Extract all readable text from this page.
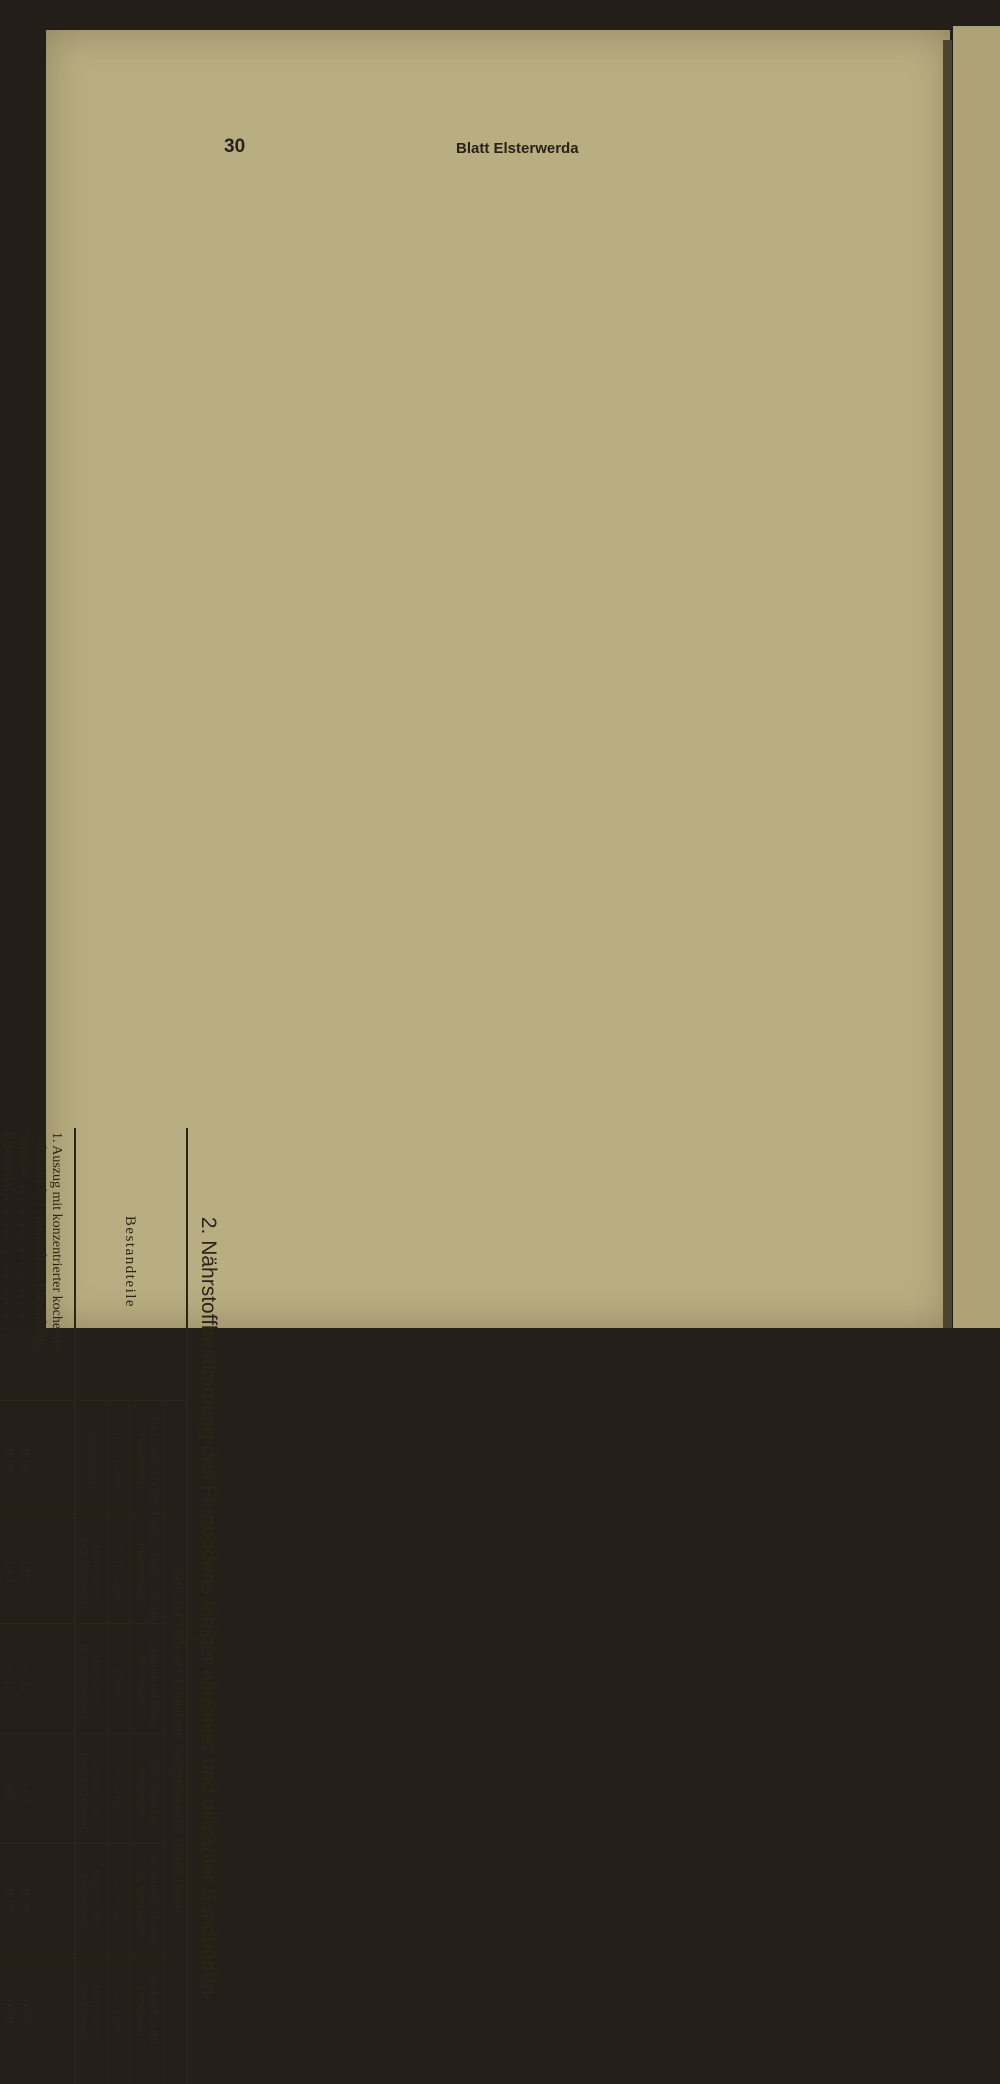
30	Blatt Elsterwerda
2. Nährstoffbestimmung des Feinbodens einiger alluvialer und diluvialer Sandböden
Ort und Tiefe der Entnahme. Geognostische Bezeichnung
Bestandteile
bei Elsterwerda (Bl. Elsterwerda)
südlich Elsterwerda (Bl. Elsterwerda)
Sandgrube bei Rolitz (Bl. Jessen)
Grube Berta (Bl. Kletitwitz)
westlich Rückersdorf (Bl. Oppelhain)
bei Lindena (Bl. Oppelhain)
0,5—1,5 dm
0—0,15 dm
20 dm
0—2 dm
2—3 dm
2—3 dm
Alluvialsand
Älterer diluv. Hochflächensand
Älterer diluv. Hochflächensand
Älterer diluv. Hochflächensand
Jüngerer diluv. Beckensand
Älterer diluv. Beckensand
1. Auszug mit konzentrierter kochender Salzsäure bei einstündiger Einwirkung:
Tonerde . . . . . . . . . . .
0,68
1,07
0,22
0,53
0,76
0,69
Eisenoxyd . . . . . . . . . . .
0,63
1,14
0,13
0,80
0,62
0,60
